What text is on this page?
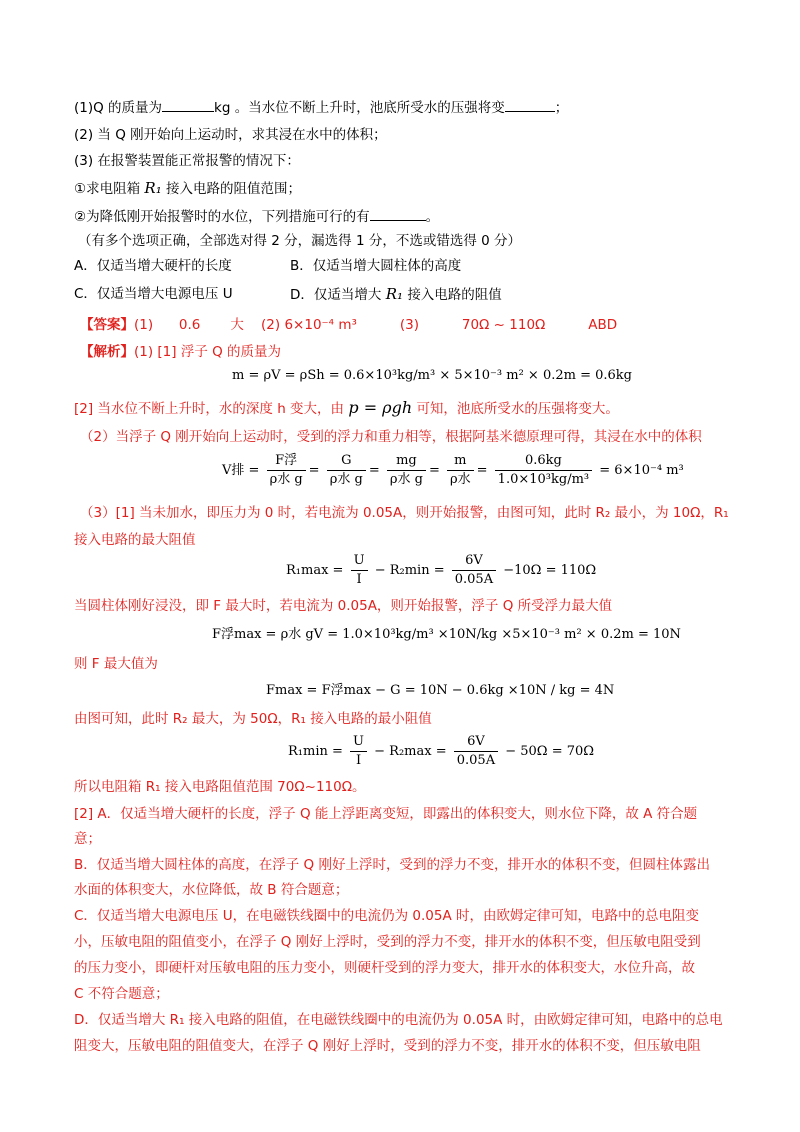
(1)Q 的质量为	kg 。当水位不断上升时，池底所受水的压强将变	；
(2) 当 Q 刚开始向上运动时，求其浸在水中的体积；
(3) 在报警装置能正常报警的情况下：
①求电阻箱 R₁ 接入电路的阻值范围；
②为降低刚开始报警时的水位，下列措施可行的有	。
（有多个选项正确，全部选对得 2 分，漏选得 1 分，不选或错选得 0 分）
A．仅适当增大硬杆的长度	B．仅适当增大圆柱体的高度
C．仅适当增大电源电压 U	D．仅适当增大 R₁ 接入电路的阻值
【答案】(1)      0.6       大    (2) 6×10⁻⁴ m³          (3)          70Ω ~ 110Ω          ABD
【解析】(1) [1] 浮子 Q 的质量为
m = ρV = ρSh = 0.6×10³kg/m³ × 5×10⁻³ m² × 0.2m = 0.6kg
[2] 当水位不断上升时，水的深度 h 变大，由 p = ρgh 可知，池底所受水的压强将变大。
（2）当浮子 Q 刚开始向上运动时，受到的浮力和重力相等，根据阿基米德原理可得，其浸在水中的体积
V排 = $\frac{\text{F浮}}{\text{ρ水 g}} = \frac{G}{\text{ρ水 g}} = \frac{mg}{\text{ρ水 g}} = \frac{m}{\text{ρ水}} = \frac{0.6kg}{\text{1.0×10³kg/m³}} = 6\times 10^{-4}$ m³
（3）[1] 当未加水，即压力为 0 时，若电流为 0.05A，则开始报警，由图可知，此时 R₂ 最小，为 10Ω，R₁
接入电路的最大阻值
$R_1\max = \frac{U}{I} - R_2\min = \frac{6V}{0.05A} -10\Omega = 110\Omega$
当圆柱体刚好浸没，即 F 最大时，若电流为 0.05A，则开始报警，浮子 Q 所受浮力最大值
F浮max = ρ水 gV = 1.0×10³kg/m³ ×10N/kg ×5×10⁻³ m² × 0.2m = 10N
则 F 最大值为
Fmax = F浮max − G = 10N − 0.6kg ×10N / kg = 4N
由图可知，此时 R₂ 最大，为 50Ω，R₁ 接入电路的最小阻值
$R_1\min = \frac{U}{I} - R_2\max = \frac{6V}{0.05A} - 50\Omega = 70\Omega$
所以电阻箱 R₁ 接入电路阻值范围 70Ω~110Ω。
[2] A．仅适当增大硬杆的长度，浮子 Q 能上浮距离变短，即露出的体积变大，则水位下降，故 A 符合题
意；
B．仅适当增大圆柱体的高度，在浮子 Q 刚好上浮时，受到的浮力不变，排开水的体积不变，但圆柱体露出
水面的体积变大，水位降低，故 B 符合题意；
C．仅适当增大电源电压 U，在电磁铁线圈中的电流仍为 0.05A 时，由欧姆定律可知，电路中的总电阻变
小，压敏电阻的阻值变小，在浮子 Q 刚好上浮时，受到的浮力不变，排开水的体积不变，但压敏电阻受到
的压力变小，即硬杆对压敏电阻的压力变小，则硬杆受到的浮力变大，排开水的体积变大，水位升高，故
C 不符合题意；
D．仅适当增大 R₁ 接入电路的阻值，在电磁铁线圈中的电流仍为 0.05A 时，由欧姆定律可知，电路中的总电
阻变大，压敏电阻的阻值变大，在浮子 Q 刚好上浮时，受到的浮力不变，排开水的体积不变，但压敏电阻
